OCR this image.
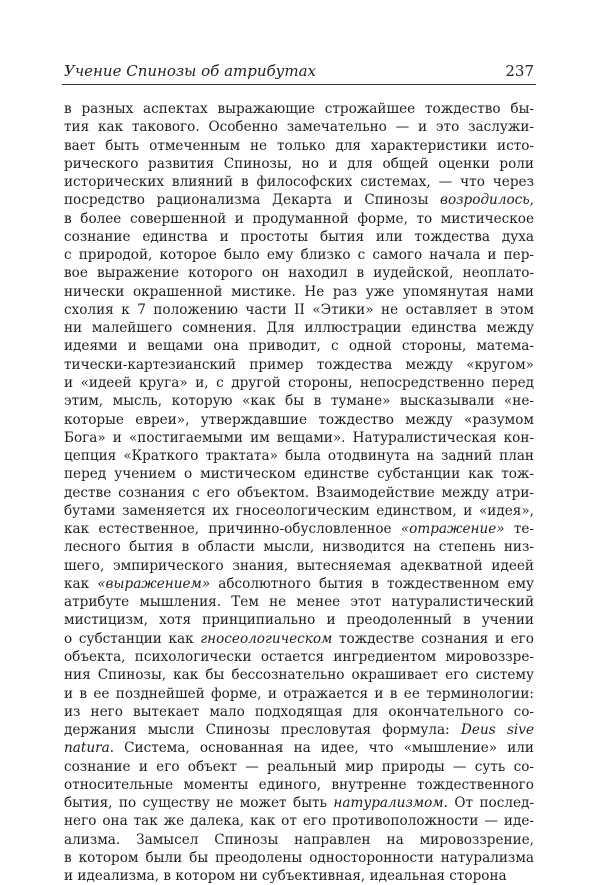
Учение Спинозы об атрибутах	237
в разных аспектах выражающие строжайшее тождество бы-
тия как такового. Особенно замечательно — и это заслужи-
вает быть отмеченным не только для характеристики исто-
рического развития Спинозы, но и для общей оценки роли
исторических влияний в философских системах, — что через
посредство рационализма Декарта и Спинозы возродилось,
в более совершенной и продуманной форме, то мистическое
сознание единства и простоты бытия или тождества духа
с природой, которое было ему близко с самого начала и пер-
вое выражение которого он находил в иудейской, неоплато-
нически окрашенной мистике. Не раз уже упомянутая нами
схолия к 7 положению части II «Этики» не оставляет в этом
ни малейшего сомнения. Для иллюстрации единства между
идеями и вещами она приводит, с одной стороны, матема-
тически-картезианский пример тождества между «кругом»
и «идеей круга» и, с другой стороны, непосредственно перед
этим, мысль, которую «как бы в тумане» высказывали «не-
которые евреи», утверждавшие тождество между «разумом
Бога» и «постигаемыми им вещами». Натуралистическая кон-
цепция «Краткого трактата» была отодвинута на задний план
перед учением о мистическом единстве субстанции как тож-
дестве сознания с его объектом. Взаимодействие между атри-
бутами заменяется их гносеологическим единством, и «идея»,
как естественное, причинно-обусловленное «отражение» те-
лесного бытия в области мысли, низводится на степень низ-
шего, эмпирического знания, вытесняемая адекватной идеей
как «выражением» абсолютного бытия в тождественном ему
атрибуте мышления. Тем не менее этот натуралистический
мистицизм, хотя принципиально и преодоленный в учении
о субстанции как гносеологическом тождестве сознания и его
объекта, психологически остается ингредиентом мировоззре-
ния Спинозы, как бы бессознательно окрашивает его систему
и в ее позднейшей форме, и отражается и в ее терминологии:
из него вытекает мало подходящая для окончательного со-
держания мысли Спинозы пресловутая формула: Deus sive
natura. Система, основанная на идее, что «мышление» или
сознание и его объект — реальный мир природы — суть со-
относительные моменты единого, внутренне тождественного
бытия, по существу не может быть натурализмом. От послед-
него она так же далека, как от его противоположности — иде-
ализма. Замысел Спинозы направлен на мировоззрение,
в котором были бы преодолены односторонности натурализма
и идеализма, в котором ни субъективная, идеальная сторона
